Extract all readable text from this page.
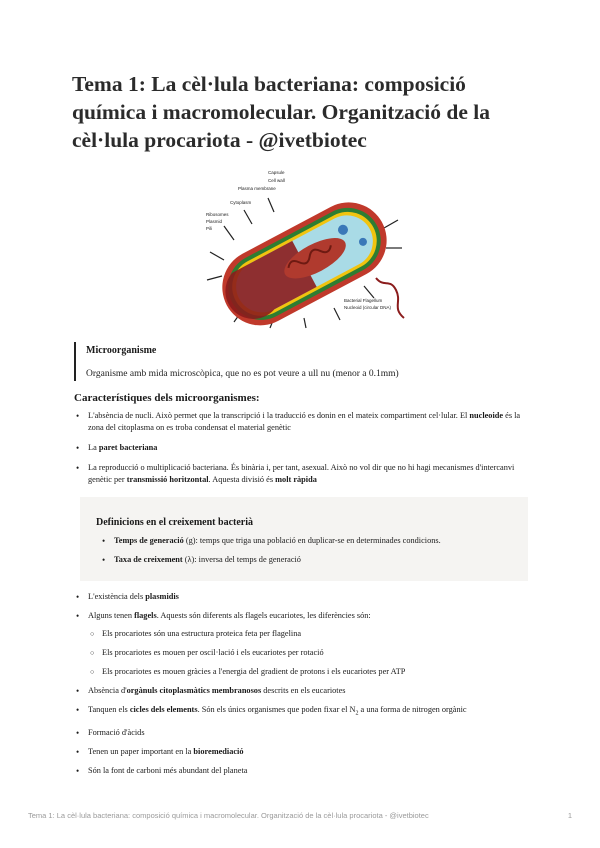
Tema 1: La cèl·lula bacteriana: composició química i macromolecular. Organització de la cèl·lula procariota - @ivetbiotec
Capsule
Cell wall
Plasma membrane
Cytoplasm
Ribosomes
Plasmid
Pili
Bacterial Flagellum
Nucleoid (circular DNA)
Microorganisme
Organisme amb mida microscòpica, que no es pot veure a ull nu (menor a 0.1mm)
Característiques dels microorganismes:
• L'absència de nucli. Això permet que la transcripció i la traducció es donin en el mateix compartiment cel·lular. El nucleoide és la zona del citoplasma on es troba condensat el material genètic
• La paret bacteriana
• La reproducció o multiplicació bacteriana. És binària i, per tant, asexual. Això no vol dir que no hi hagi mecanismes d'intercanvi genètic per transmissió horitzontal. Aquesta divisió és molt ràpida
Definicions en el creixement bacterià
• Temps de generació (g): temps que triga una població en duplicar-se en determinades condicions.
• Taxa de creixement (λ): inversa del temps de generació
• L'existència dels plasmidis
• Alguns tenen flagels. Aquests són diferents als flagels eucariotes, les diferències són:
○ Els procariotes són una estructura proteica feta per flagelina
○ Els procariotes es mouen per oscil·lació i els eucariotes per rotació
○ Els procariotes es mouen gràcies a l'energia del gradient de protons i els eucariotes per ATP
• Absència d'orgànuls citoplasmàtics membranosos descrits en els eucariotes
• Tanquen els cicles dels elements. Són els únics organismes que poden fixar el $N_2$ a una forma de nitrogen orgànic
• Formació d'àcids
• Tenen un paper important en la bioremediació
• Són la font de carboni més abundant del planeta
Tema 1: La cèl·lula bacteriana: composició química i macromolecular. Organització de la cèl·lula procariota - @ivetbiotec	1
